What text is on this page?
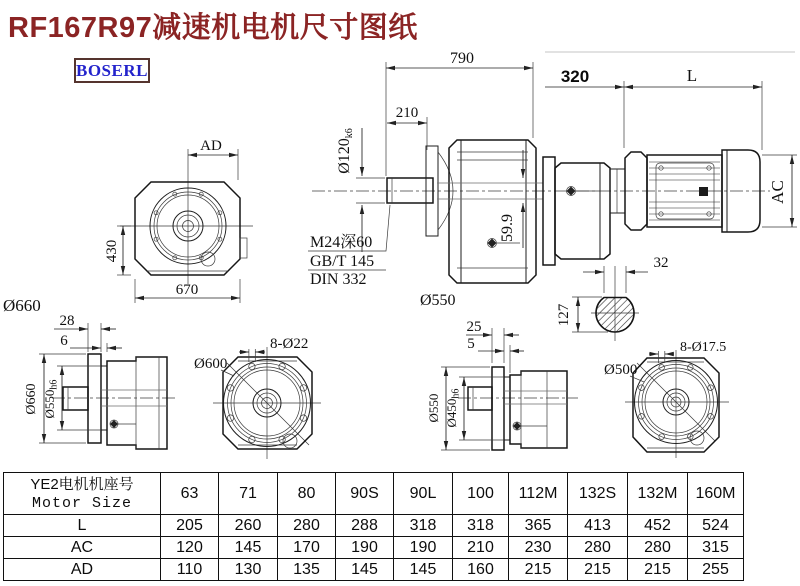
RF167R97减速机电机尺寸图纸
BOSERL
AD
430
670
59.9
790
210
Ø120k6
M24深60
GB/T 145
DIN 332
Ø550
320	L
AC
32
127
28
6
Ø660 Ø550h6
Ø660
8-Ø22
Ø600
25
5
Ø550 Ø450h6
8-Ø17.5
Ø500
YE2电机机座号
Motor Size	63	71	80	90S	90L	100	112M	132S	132M	160M
L	205	260	280	288	318	318	365	413	452	524
AC	120	145	170	190	190	210	230	280	280	315
AD	110	130	135	145	145	160	215	215	215	255
